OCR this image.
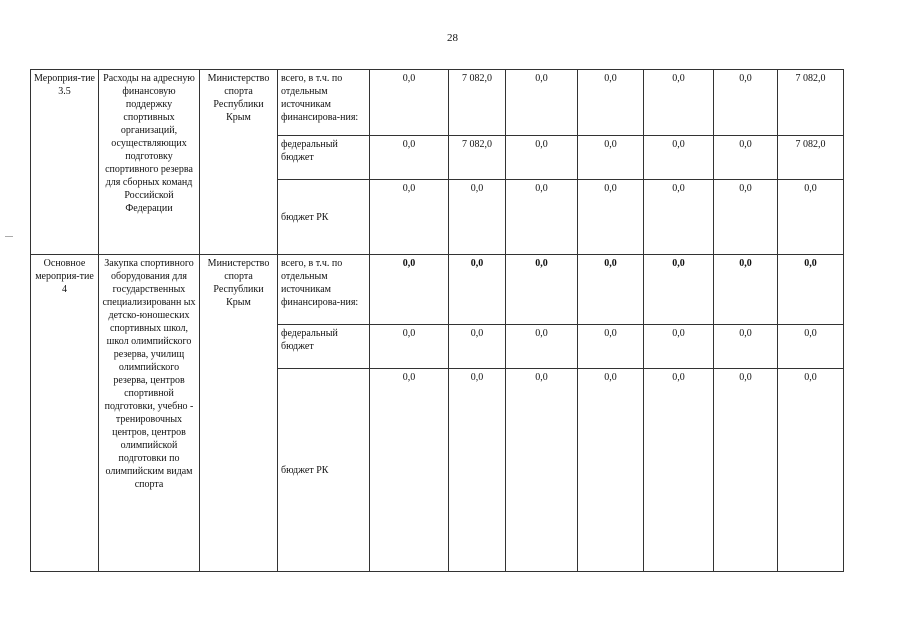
28
Мероприя-тие 3.5	Расходы на адресную финансовую поддержку спортивных организаций, осуществляющих подготовку спортивного резерва для сборных команд Российской Федерации	Министерство спорта Республики Крым	всего, в т.ч. по отдельным источникам финансирова-ния:	0,0	7 082,0	0,0	0,0	0,0	0,0	7 082,0
			федеральный бюджет	0,0	7 082,0	0,0	0,0	0,0	0,0	7 082,0
			бюджет РК	0,0	0,0	0,0	0,0	0,0	0,0	0,0
Основное мероприя-тие 4	Закупка спортивного оборудования для государственных специализированн ых детско-юношеских спортивных школ, школ олимпийского резерва, училищ олимпийского резерва, центров спортивной подготовки, учебно - тренировочных центров, центров олимпийской подготовки по олимпийским видам спорта	Министерство спорта Республики Крым	всего, в т.ч. по отдельным источникам финансирова-ния:	0,0	0,0	0,0	0,0	0,0	0,0	0,0
			федеральный бюджет	0,0	0,0	0,0	0,0	0,0	0,0	0,0
			бюджет РК	0,0	0,0	0,0	0,0	0,0	0,0	0,0
